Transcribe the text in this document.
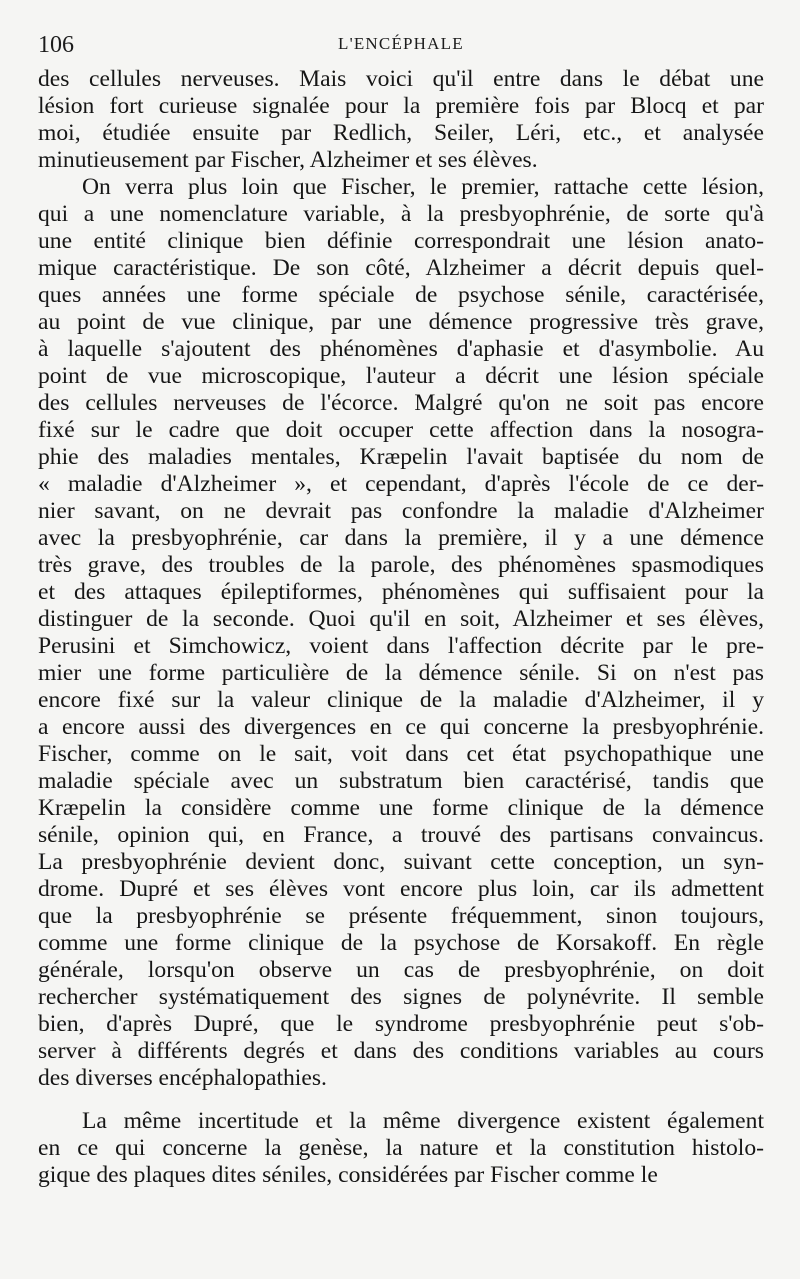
106	L'ENCÉPHALE
des cellules nerveuses. Mais voici qu'il entre dans le débat une
lésion fort curieuse signalée pour la première fois par Blocq et par
moi, étudiée ensuite par Redlich, Seiler, Léri, etc., et analysée
minutieusement par Fischer, Alzheimer et ses élèves.
On verra plus loin que Fischer, le premier, rattache cette lésion,
qui a une nomenclature variable, à la presbyophrénie, de sorte qu'à
une entité clinique bien définie correspondrait une lésion anato-
mique caractéristique. De son côté, Alzheimer a décrit depuis quel-
ques années une forme spéciale de psychose sénile, caractérisée,
au point de vue clinique, par une démence progressive très grave,
à laquelle s'ajoutent des phénomènes d'aphasie et d'asymbolie. Au
point de vue microscopique, l'auteur a décrit une lésion spéciale
des cellules nerveuses de l'écorce. Malgré qu'on ne soit pas encore
fixé sur le cadre que doit occuper cette affection dans la nosogra-
phie des maladies mentales, Kræpelin l'avait baptisée du nom de
« maladie d'Alzheimer », et cependant, d'après l'école de ce der-
nier savant, on ne devrait pas confondre la maladie d'Alzheimer
avec la presbyophrénie, car dans la première, il y a une démence
très grave, des troubles de la parole, des phénomènes spasmodiques
et des attaques épileptiformes, phénomènes qui suffisaient pour la
distinguer de la seconde. Quoi qu'il en soit, Alzheimer et ses élèves,
Perusini et Simchowicz, voient dans l'affection décrite par le pre-
mier une forme particulière de la démence sénile. Si on n'est pas
encore fixé sur la valeur clinique de la maladie d'Alzheimer, il y
a encore aussi des divergences en ce qui concerne la presbyophrénie.
Fischer, comme on le sait, voit dans cet état psychopathique une
maladie spéciale avec un substratum bien caractérisé, tandis que
Kræpelin la considère comme une forme clinique de la démence
sénile, opinion qui, en France, a trouvé des partisans convaincus.
La presbyophrénie devient donc, suivant cette conception, un syn-
drome. Dupré et ses élèves vont encore plus loin, car ils admettent
que la presbyophrénie se présente fréquemment, sinon toujours,
comme une forme clinique de la psychose de Korsakoff. En règle
générale, lorsqu'on observe un cas de presbyophrénie, on doit
rechercher systématiquement des signes de polynévrite. Il semble
bien, d'après Dupré, que le syndrome presbyophrénie peut s'ob-
server à différents degrés et dans des conditions variables au cours
des diverses encéphalopathies.
La même incertitude et la même divergence existent également
en ce qui concerne la genèse, la nature et la constitution histolo-
gique des plaques dites séniles, considérées par Fischer comme le
